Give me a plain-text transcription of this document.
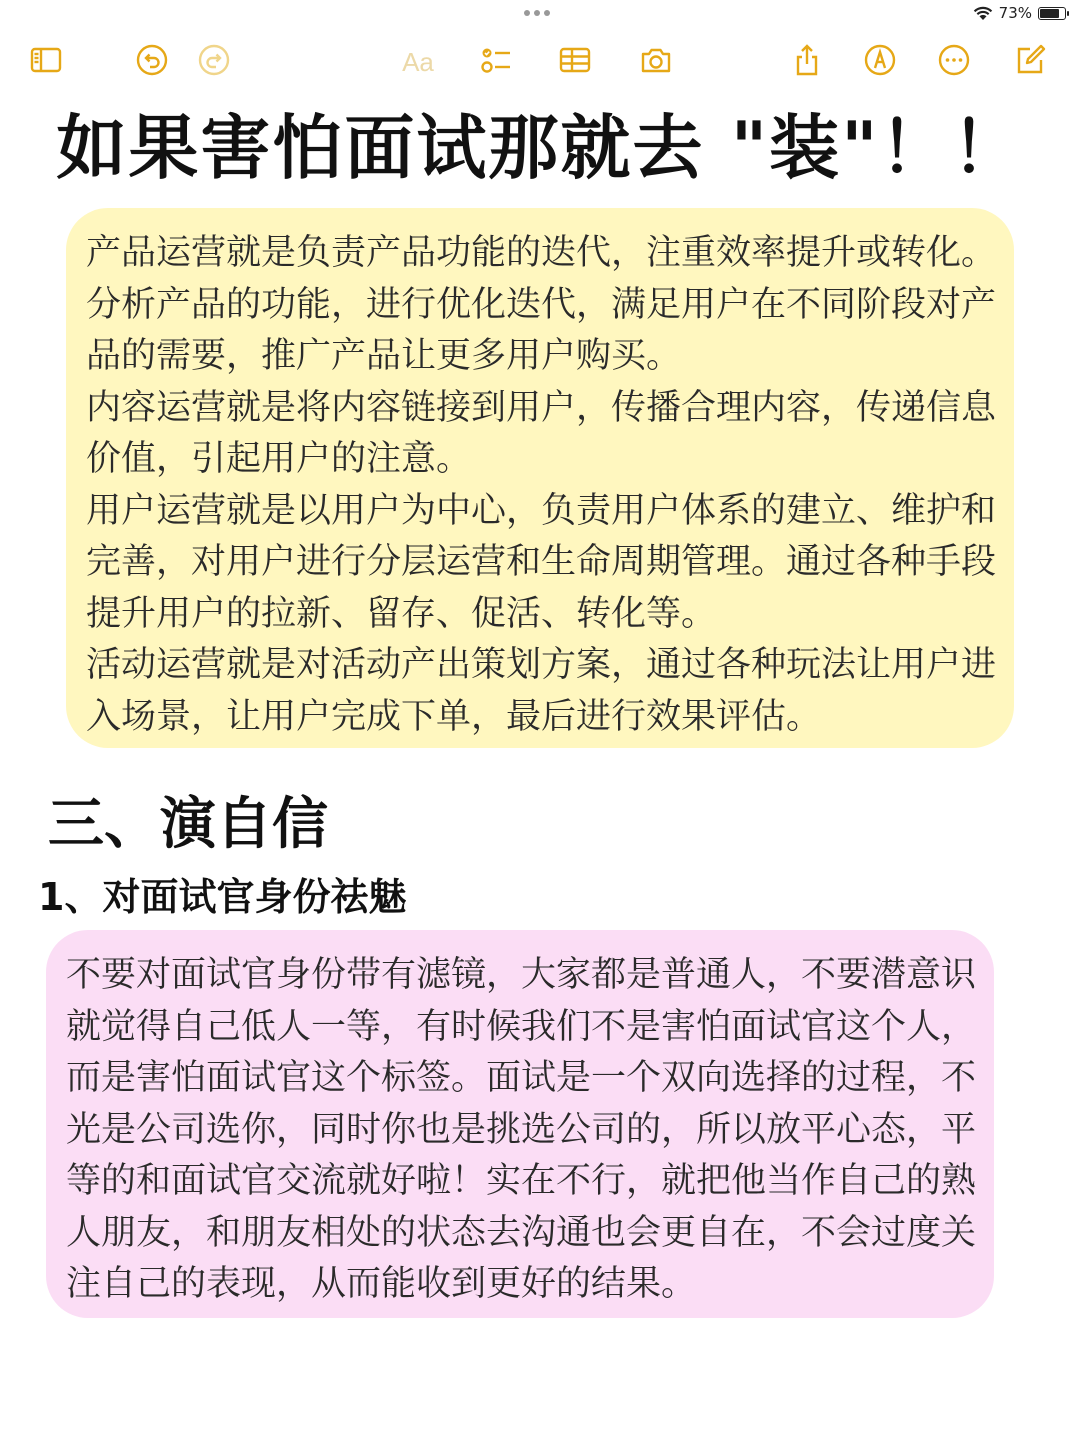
73%
Aa
如果害怕面试那就去 "装"！！

产品运营就是负责产品功能的迭代，注重效率提升或转化。分析产品的功能，进行优化迭代，满足用户在不同阶段对产品的需要，推广产品让更多用户购买。

内容运营就是将内容链接到用户，传播合理内容，传递信息价值，引起用户的注意。

用户运营就是以用户为中心，负责用户体系的建立、维护和完善，对用户进行分层运营和生命周期管理。通过各种手段提升用户的拉新、留存、促活、转化等。

活动运营就是对活动产出策划方案，通过各种玩法让用户进入场景，让用户完成下单，最后进行效果评估。

三、演自信
1、对面试官身份祛魅

不要对面试官身份带有滤镜，大家都是普通人，不要潜意识就觉得自己低人一等，有时候我们不是害怕面试官这个人，而是害怕面试官这个标签。面试是一个双向选择的过程，不光是公司选你，同时你也是挑选公司的，所以放平心态，平等的和面试官交流就好啦！实在不行，就把他当作自己的熟人朋友，和朋友相处的状态去沟通也会更自在，不会过度关注自己的表现，从而能收到更好的结果。
